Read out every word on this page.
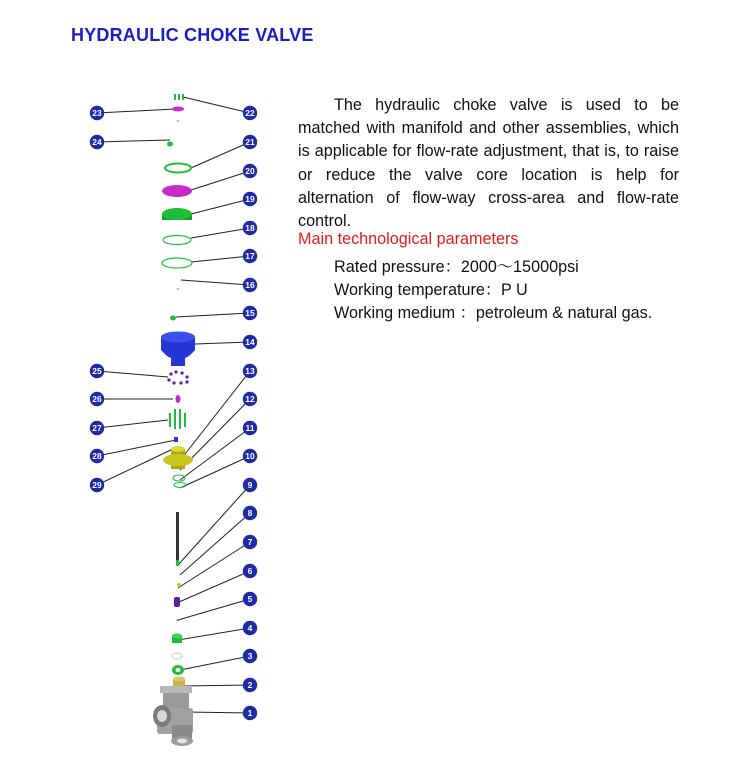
HYDRAULIC CHOKE VALVE

The hydraulic choke valve is used to be matched with manifold and other assemblies, which is applicable for flow-rate adjustment, that is, to raise or reduce the valve core location is help for alternation of flow-way cross-area and flow-rate control.

Main technological parameters
Rated pressure：2000～15000psi
Working temperature：P U
Working medium ：petroleum & natural gas.
23
24
25
26
27
28
29
22
21
20
19
18
17
16
15
14
13
12
11
10
9
8
7
6
5
4
3
2
1
